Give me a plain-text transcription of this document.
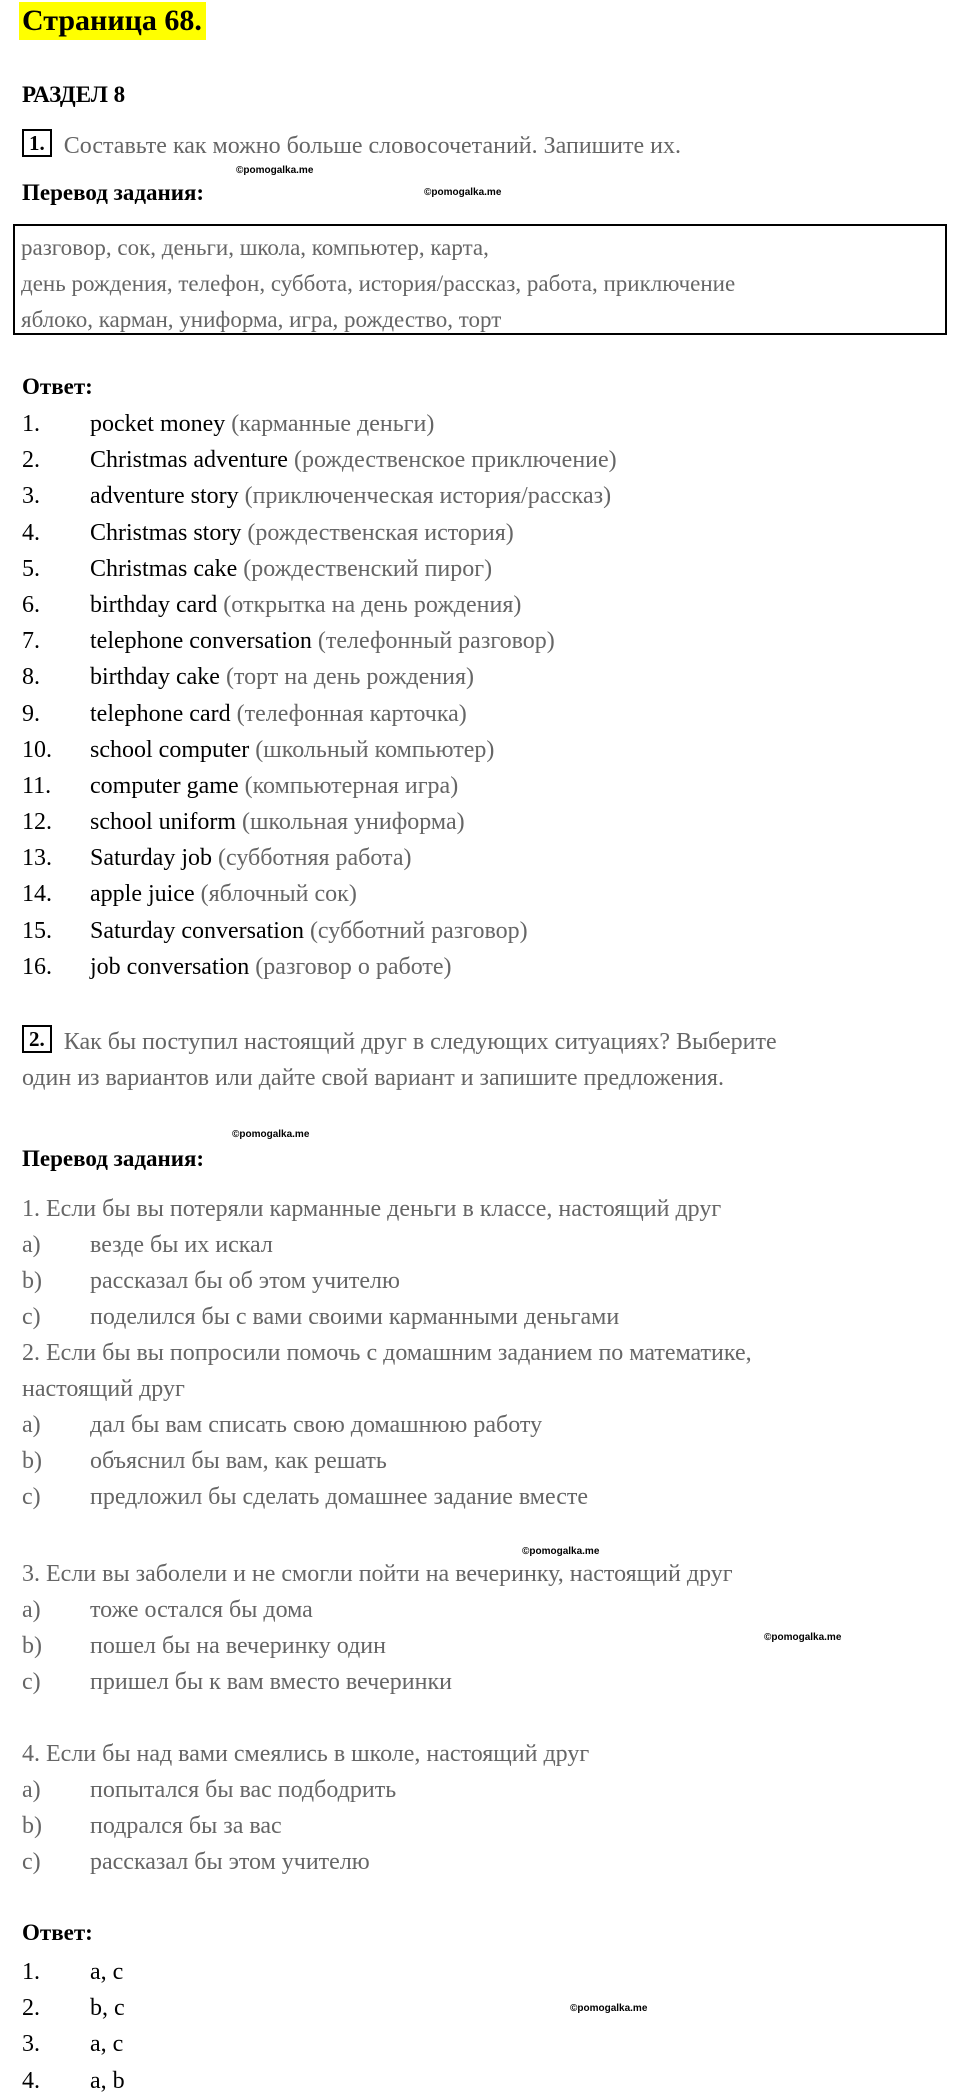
Страница 68.
РАЗДЕЛ 8
1. Составьте как можно больше словосочетаний. Запишите их.
©pomogalka.me
Перевод задания:	©pomogalka.me
разговор, сок, деньги, школа, компьютер, карта,
день рождения, телефон, суббота, история/рассказ, работа, приключение
яблоко, карман, униформа, игра, рождество, торт
Ответ:
1.	pocket money (карманные деньги)
2.	Christmas adventure (рождественское приключение)
3.	adventure story (приключенческая история/рассказ)
4.	Christmas story (рождественская история)
5.	Christmas cake (рождественский пирог)
6.	birthday card (открытка на день рождения)
7.	telephone conversation (телефонный разговор)
8.	birthday cake (торт на день рождения)
9.	telephone card (телефонная карточка)
10.	school computer (школьный компьютер)
11.	computer game (компьютерная игра)
12.	school uniform (школьная униформа)
13.	Saturday job (субботняя работа)
14.	apple juice (яблочный сок)
15.	Saturday conversation (субботний разговор)
16.	job conversation (разговор о работе)
2. Как бы поступил настоящий друг в следующих ситуациях? Выберите
один из вариантов или дайте свой вариант и запишите предложения.
©pomogalka.me
Перевод задания:
1. Если бы вы потеряли карманные деньги в классе, настоящий друг
a)	везде бы их искал
b)	рассказал бы об этом учителю
c)	поделился бы с вами своими карманными деньгами
2. Если бы вы попросили помочь с домашним заданием по математике,
настоящий друг
a)	дал бы вам списать свою домашнюю работу
b)	объяснил бы вам, как решать
c)	предложил бы сделать домашнее задание вместе
©pomogalka.me
3. Если вы заболели и не смогли пойти на вечеринку, настоящий друг
a)	тоже остался бы дома
b)	пошел бы на вечеринку один
c)	пришел бы к вам вместо вечеринки
©pomogalka.me
4. Если бы над вами смеялись в школе, настоящий друг
a)	попытался бы вас подбодрить
b)	подрался бы за вас
c)	рассказал бы этом учителю
Ответ:
1.	a, c
2.	b, c
3.	a, c
4.	a, b
©pomogalka.me
